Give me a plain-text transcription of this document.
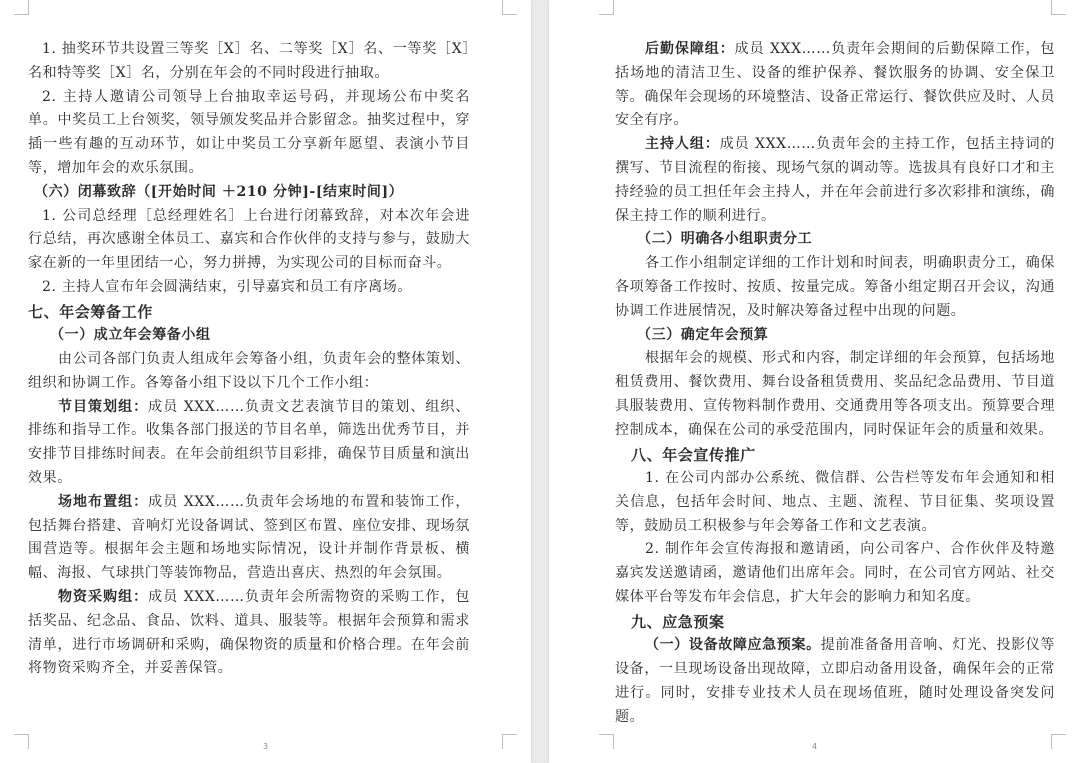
1. 抽奖环节共设置三等奖［X］名、二等奖［X］名、一等奖［X］名和特等奖［X］名，分别在年会的不同时段进行抽取。

2. 主持人邀请公司领导上台抽取幸运号码，并现场公布中奖名单。中奖员工上台领奖，领导颁发奖品并合影留念。抽奖过程中，穿插一些有趣的互动环节，如让中奖员工分享新年愿望、表演小节目等，增加年会的欢乐氛围。

（六）闭幕致辞（[开始时间 ＋210 分钟]-[结束时间]）

1. 公司总经理［总经理姓名］上台进行闭幕致辞，对本次年会进行总结，再次感谢全体员工、嘉宾和合作伙伴的支持与参与，鼓励大家在新的一年里团结一心，努力拼搏，为实现公司的目标而奋斗。

2. 主持人宣布年会圆满结束，引导嘉宾和员工有序离场。

七、年会筹备工作

（一）成立年会筹备小组

由公司各部门负责人组成年会筹备小组，负责年会的整体策划、组织和协调工作。各筹备小组下设以下几个工作小组：

节目策划组：成员 XXX……负责文艺表演节目的策划、组织、排练和指导工作。收集各部门报送的节目名单，筛选出优秀节目，并安排节目排练时间表。在年会前组织节目彩排，确保节目质量和演出效果。

场地布置组：成员 XXX……负责年会场地的布置和装饰工作，包括舞台搭建、音响灯光设备调试、签到区布置、座位安排、现场氛围营造等。根据年会主题和场地实际情况，设计并制作背景板、横幅、海报、气球拱门等装饰物品，营造出喜庆、热烈的年会氛围。

物资采购组：成员 XXX……负责年会所需物资的采购工作，包括奖品、纪念品、食品、饮料、道具、服装等。根据年会预算和需求清单，进行市场调研和采购，确保物资的质量和价格合理。在年会前将物资采购齐全，并妥善保管。

3

后勤保障组：成员 XXX……负责年会期间的后勤保障工作，包括场地的清洁卫生、设备的维护保养、餐饮服务的协调、安全保卫等。确保年会现场的环境整洁、设备正常运行、餐饮供应及时、人员安全有序。

主持人组：成员 XXX……负责年会的主持工作，包括主持词的撰写、节目流程的衔接、现场气氛的调动等。选拔具有良好口才和主持经验的员工担任年会主持人，并在年会前进行多次彩排和演练，确保主持工作的顺利进行。

（二）明确各小组职责分工

各工作小组制定详细的工作计划和时间表，明确职责分工，确保各项筹备工作按时、按质、按量完成。筹备小组定期召开会议，沟通协调工作进展情况，及时解决筹备过程中出现的问题。

（三）确定年会预算

根据年会的规模、形式和内容，制定详细的年会预算，包括场地租赁费用、餐饮费用、舞台设备租赁费用、奖品纪念品费用、节目道具服装费用、宣传物料制作费用、交通费用等各项支出。预算要合理控制成本，确保在公司的承受范围内，同时保证年会的质量和效果。

八、年会宣传推广

1. 在公司内部办公系统、微信群、公告栏等发布年会通知和相关信息，包括年会时间、地点、主题、流程、节目征集、奖项设置等，鼓励员工积极参与年会筹备工作和文艺表演。

2. 制作年会宣传海报和邀请函，向公司客户、合作伙伴及特邀嘉宾发送邀请函，邀请他们出席年会。同时，在公司官方网站、社交媒体平台等发布年会信息，扩大年会的影响力和知名度。

九、应急预案

（一）设备故障应急预案。提前准备备用音响、灯光、投影仪等设备，一旦现场设备出现故障，立即启动备用设备，确保年会的正常进行。同时，安排专业技术人员在现场值班，随时处理设备突发问题。

4
